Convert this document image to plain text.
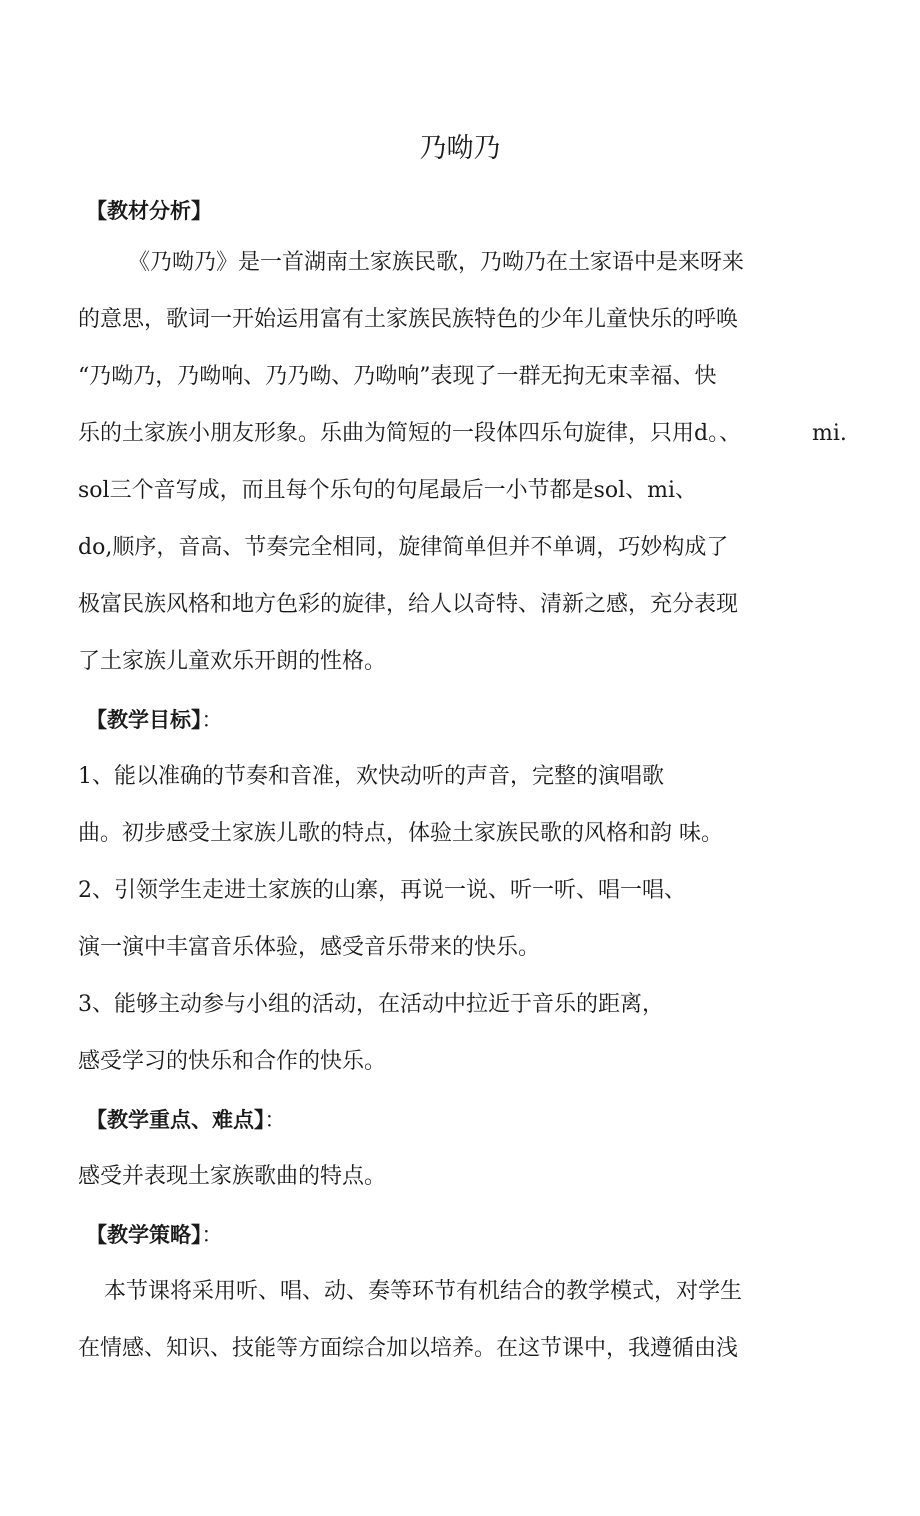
乃呦乃
【教材分析】

《乃呦乃》是一首湖南土家族民歌，乃呦乃在土家语中是来呀来

的意思，歌词一开始运用富有土家族民族特色的少年儿童快乐的呼唤

“乃呦乃，乃呦响、乃乃呦、乃呦响”表现了一群无拘无束幸福、快

乐的土家族小朋友形象。乐曲为简短的一段体四乐句旋律，只用d。、	mi.

sol三个音写成，而且每个乐句的句尾最后一小节都是sol、mi、

do,顺序，音高、节奏完全相同，旋律简单但并不单调，巧妙构成了

极富民族风格和地方色彩的旋律，给人以奇特、清新之感，充分表现

了土家族儿童欢乐开朗的性格。

【教学目标】：

1、能以准确的节奏和音准，欢快动听的声音，完整的演唱歌

曲。初步感受土家族儿歌的特点，体验土家族民歌的风格和韵 味。

2、引领学生走进土家族的山寨，再说一说、听一听、唱一唱、

演一演中丰富音乐体验，感受音乐带来的快乐。

3、能够主动参与小组的活动，在活动中拉近于音乐的距离，

感受学习的快乐和合作的快乐。

【教学重点、难点】：

感受并表现土家族歌曲的特点。

【教学策略】：

本节课将采用听、唱、动、奏等环节有机结合的教学模式，对学生

在情感、知识、技能等方面综合加以培养。在这节课中，我遵循由浅
